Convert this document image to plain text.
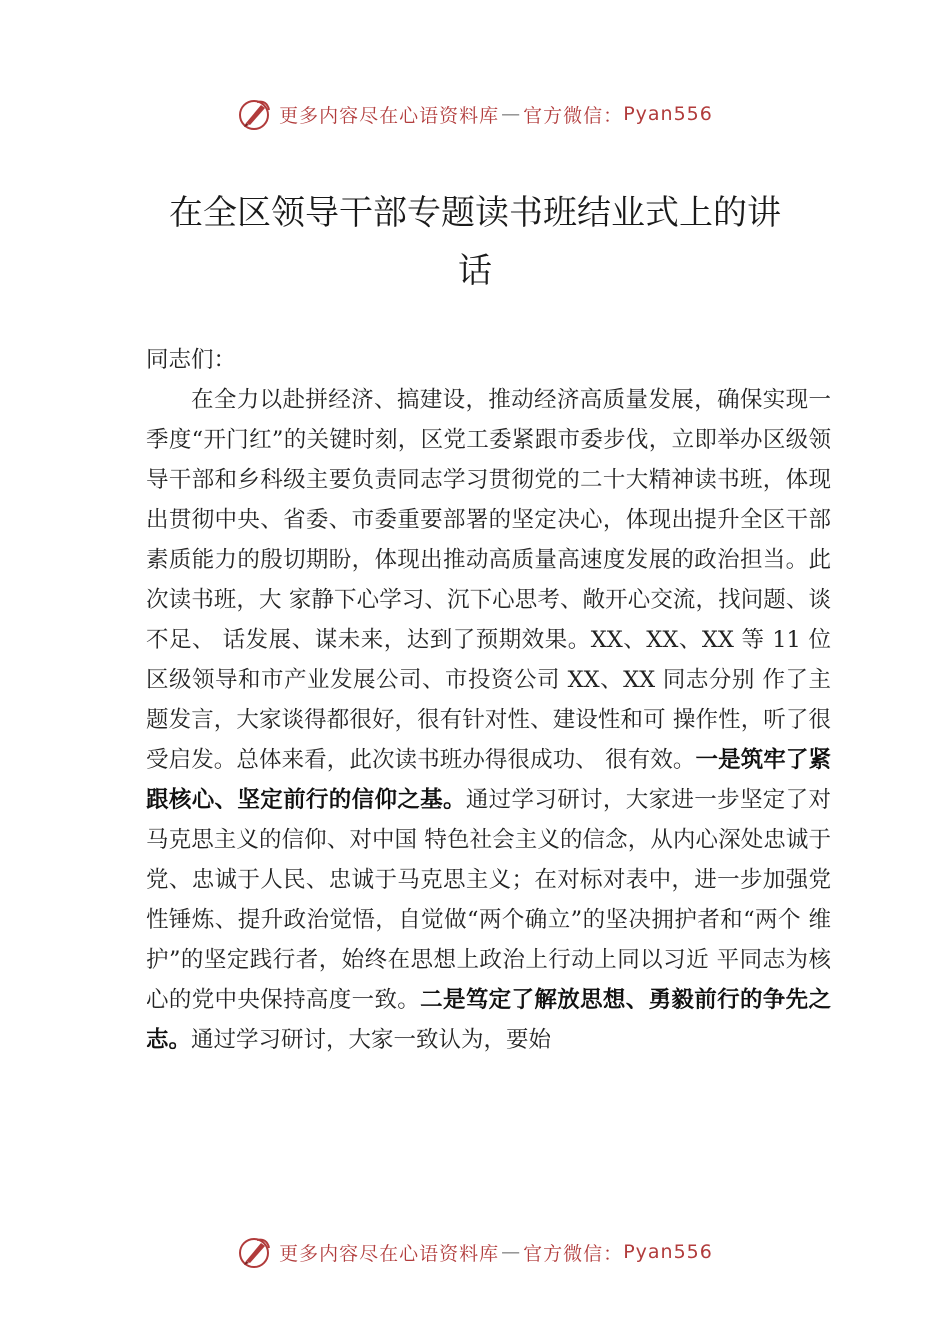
更多内容尽在心语资料库 — 官方微信： Pyan556
在全区领导干部专题读书班结业式上的讲
话

同志们：

在全力以赴拼经济、搞建设，推动经济高质量发展，确保实现一季度“开门红”的关键时刻，区党工委紧跟市委步伐，立即举办区级领导干部和乡科级主要负责同志学习贯彻党的二十大精神读书班，体现出贯彻中央、省委、市委重要部署的坚定决心，体现出提升全区干部素质能力的殷切期盼，体现出推动高质量高速度发展的政治担当。此次读书班，大 家静下心学习、沉下心思考、敞开心交流，找问题、谈不足、 话发展、谋未来，达到了预期效果。XX、XX、XX 等 11 位区级领导和市产业发展公司、市投资公司 XX、XX 同志分别 作了主题发言，大家谈得都很好，很有针对性、建设性和可 操作性，听了很受启发。总体来看，此次读书班办得很成功、 很有效。一是筑牢了紧跟核心、坚定前行的信仰之基。通过学习研讨，大家进一步坚定了对马克思主义的信仰、对中国 特色社会主义的信念，从内心深处忠诚于党、忠诚于人民、忠诚于马克思主义；在对标对表中，进一步加强党性锤炼、提升政治觉悟，自觉做“两个确立”的坚决拥护者和“两个 维护”的坚定践行者，始终在思想上政治上行动上同以习近 平同志为核心的党中央保持高度一致。二是笃定了解放思想、勇毅前行的争先之志。通过学习研讨，大家一致认为，要始

更多内容尽在心语资料库 — 官方微信： Pyan556
